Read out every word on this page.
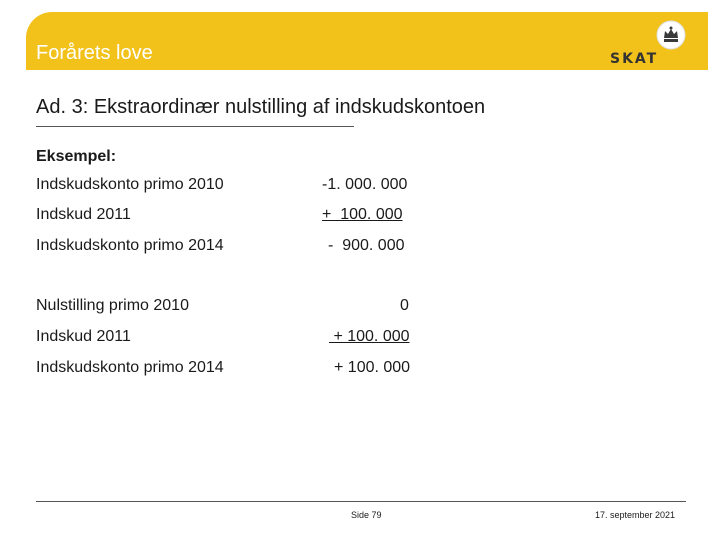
Forårets love	SKAT
Ad. 3: Ekstraordinær nulstilling af indskudskontoen
Eksempel:
Indskudskonto primo 2010	-1. 000. 000
Indskud 2011	+  100. 000
Indskudskonto primo 2014	-  900. 000
Nulstilling primo 2010	0
Indskud 2011	+ 100. 000
Indskudskonto primo 2014	+ 100. 000
Side 79	17. september 2021
